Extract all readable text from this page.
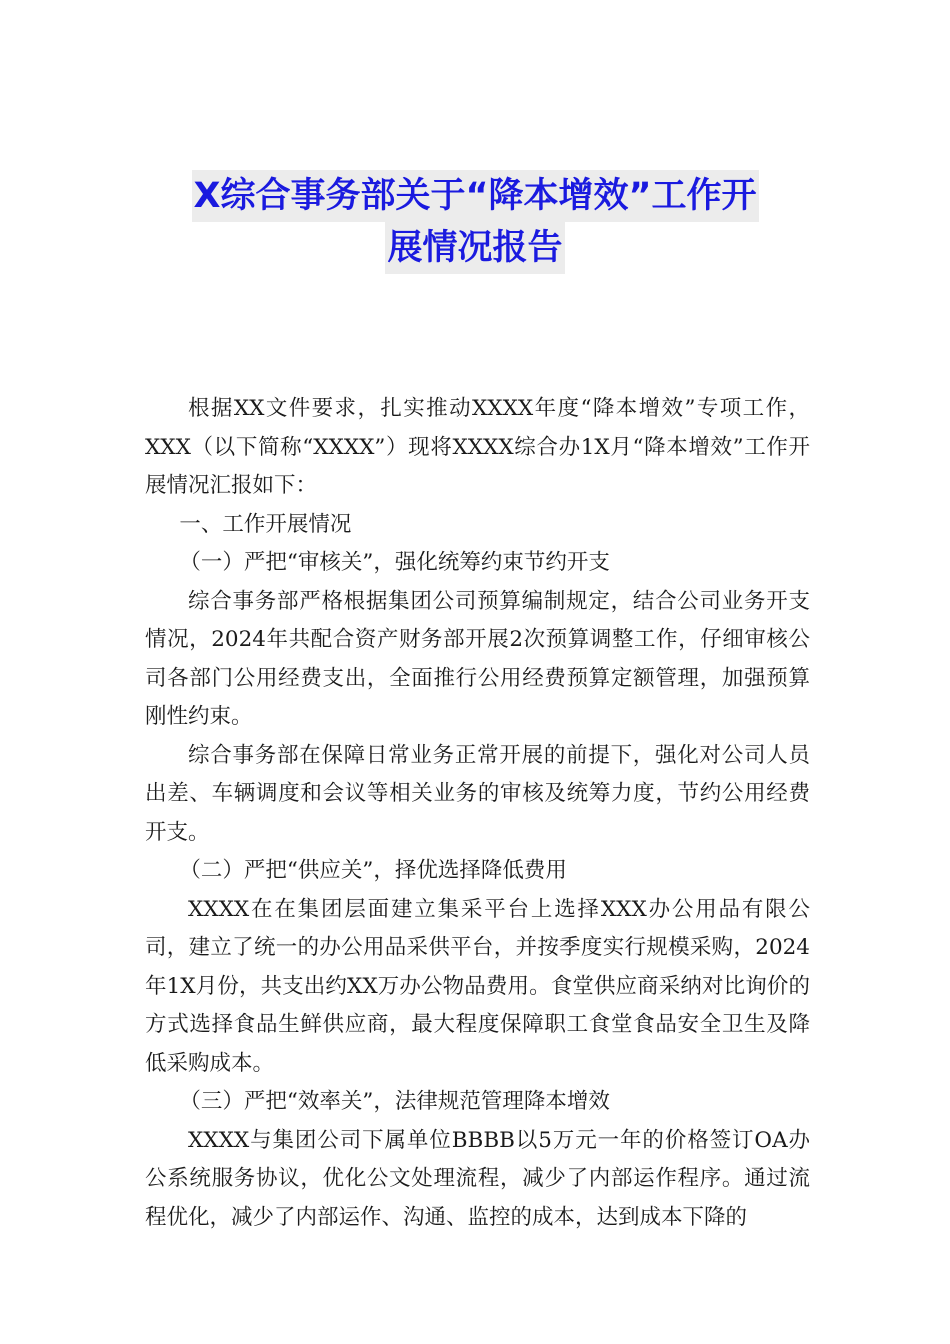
X综合事务部关于“降本增效”工作开
展情况报告

根据XX文件要求，扎实推动XXXX年度“降本增效”专项工作，XXX（以下简称“XXXX”）现将XXXX综合办1X月“降本增效”工作开展情况汇报如下：

一、工作开展情况

（一）严把“审核关”，强化统筹约束节约开支

综合事务部严格根据集团公司预算编制规定，结合公司业务开支情况，2024年共配合资产财务部开展2次预算调整工作，仔细审核公司各部门公用经费支出，全面推行公用经费预算定额管理，加强预算刚性约束。

综合事务部在保障日常业务正常开展的前提下，强化对公司人员出差、车辆调度和会议等相关业务的审核及统筹力度，节约公用经费开支。

（二）严把“供应关”，择优选择降低费用

XXXX在在集团层面建立集采平台上选择XXX办公用品有限公司，建立了统一的办公用品采供平台，并按季度实行规模采购，2024年1X月份，共支出约XX万办公物品费用。食堂供应商采纳对比询价的方式选择食品生鲜供应商，最大程度保障职工食堂食品安全卫生及降低采购成本。

（三）严把“效率关”，法律规范管理降本增效

XXXX与集团公司下属单位BBBB以5万元一年的价格签订OA办公系统服务协议，优化公文处理流程，减少了内部运作程序。通过流程优化，减少了内部运作、沟通、监控的成本，达到成本下降的
